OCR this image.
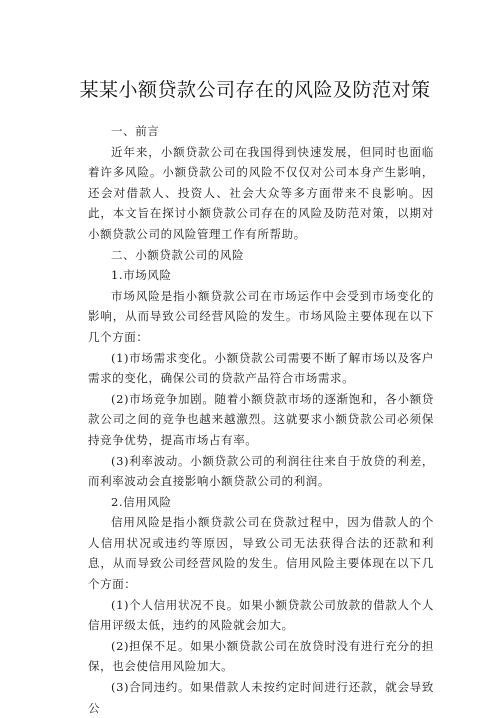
某某小额贷款公司存在的风险及防范对策

一、前言

近年来，小额贷款公司在我国得到快速发展，但同时也面临着许多风险。小额贷款公司的风险不仅仅对公司本身产生影响，还会对借款人、投资人、社会大众等多方面带来不良影响。因此，本文旨在探讨小额贷款公司存在的风险及防范对策，以期对小额贷款公司的风险管理工作有所帮助。

二、小额贷款公司的风险

1.市场风险

市场风险是指小额贷款公司在市场运作中会受到市场变化的影响，从而导致公司经营风险的发生。市场风险主要体现在以下几个方面：

(1)市场需求变化。小额贷款公司需要不断了解市场以及客户需求的变化，确保公司的贷款产品符合市场需求。

(2)市场竞争加剧。随着小额贷款市场的逐渐饱和，各小额贷款公司之间的竞争也越来越激烈。这就要求小额贷款公司必须保持竞争优势，提高市场占有率。

(3)利率波动。小额贷款公司的利润往往来自于放贷的利差，而利率波动会直接影响小额贷款公司的利润。

2.信用风险

信用风险是指小额贷款公司在贷款过程中，因为借款人的个人信用状况或违约等原因，导致公司无法获得合法的还款和利息，从而导致公司经营风险的发生。信用风险主要体现在以下几个方面：

(1)个人信用状况不良。如果小额贷款公司放款的借款人个人信用评级太低，违约的风险就会加大。

(2)担保不足。如果小额贷款公司在放贷时没有进行充分的担保，也会使信用风险加大。

(3)合同违约。如果借款人未按约定时间进行还款，就会导致公
